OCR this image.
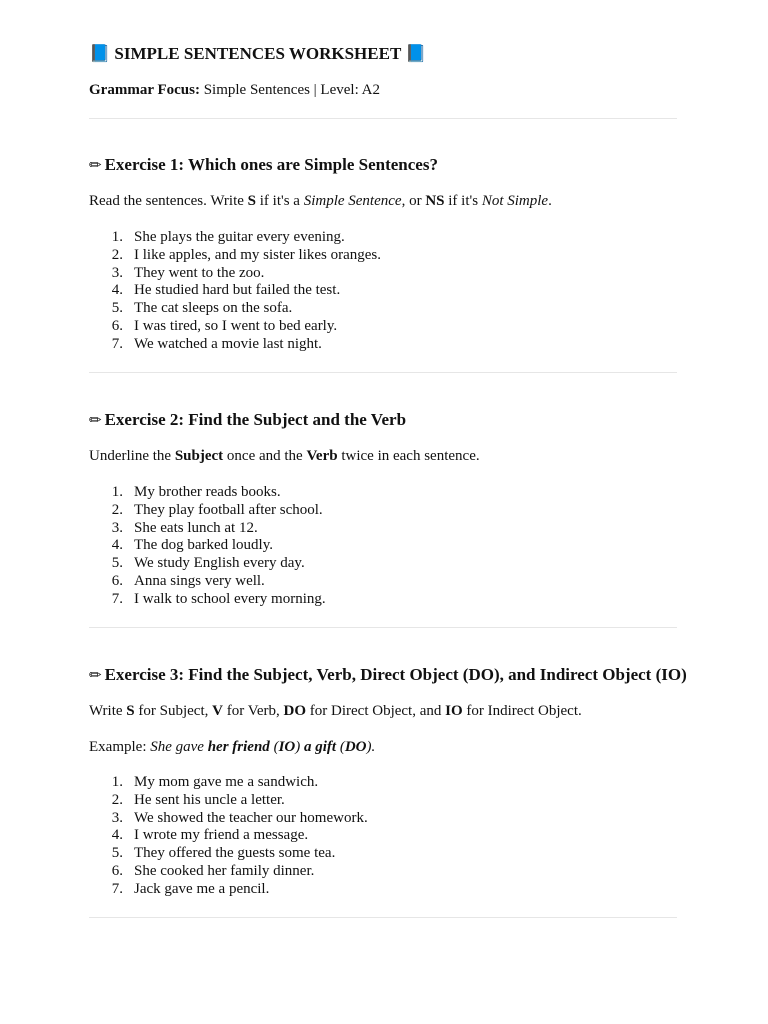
📘 SIMPLE SENTENCES WORKSHEET 📘

Grammar Focus: Simple Sentences | Level: A2

✏ Exercise 1: Which ones are Simple Sentences?

Read the sentences. Write S if it's a Simple Sentence, or NS if it's Not Simple.

1. She plays the guitar every evening.
2. I like apples, and my sister likes oranges.
3. They went to the zoo.
4. He studied hard but failed the test.
5. The cat sleeps on the sofa.
6. I was tired, so I went to bed early.
7. We watched a movie last night.
✏ Exercise 2: Find the Subject and the Verb

Underline the Subject once and the Verb twice in each sentence.

1. My brother reads books.
2. They play football after school.
3. She eats lunch at 12.
4. The dog barked loudly.
5. We study English every day.
6. Anna sings very well.
7. I walk to school every morning.
✏ Exercise 3: Find the Subject, Verb, Direct Object (DO), and Indirect Object (IO)

Write S for Subject, V for Verb, DO for Direct Object, and IO for Indirect Object.

Example: She gave her friend (IO) a gift (DO).

1. My mom gave me a sandwich.
2. He sent his uncle a letter.
3. We showed the teacher our homework.
4. I wrote my friend a message.
5. They offered the guests some tea.
6. She cooked her family dinner.
7. Jack gave me a pencil.
